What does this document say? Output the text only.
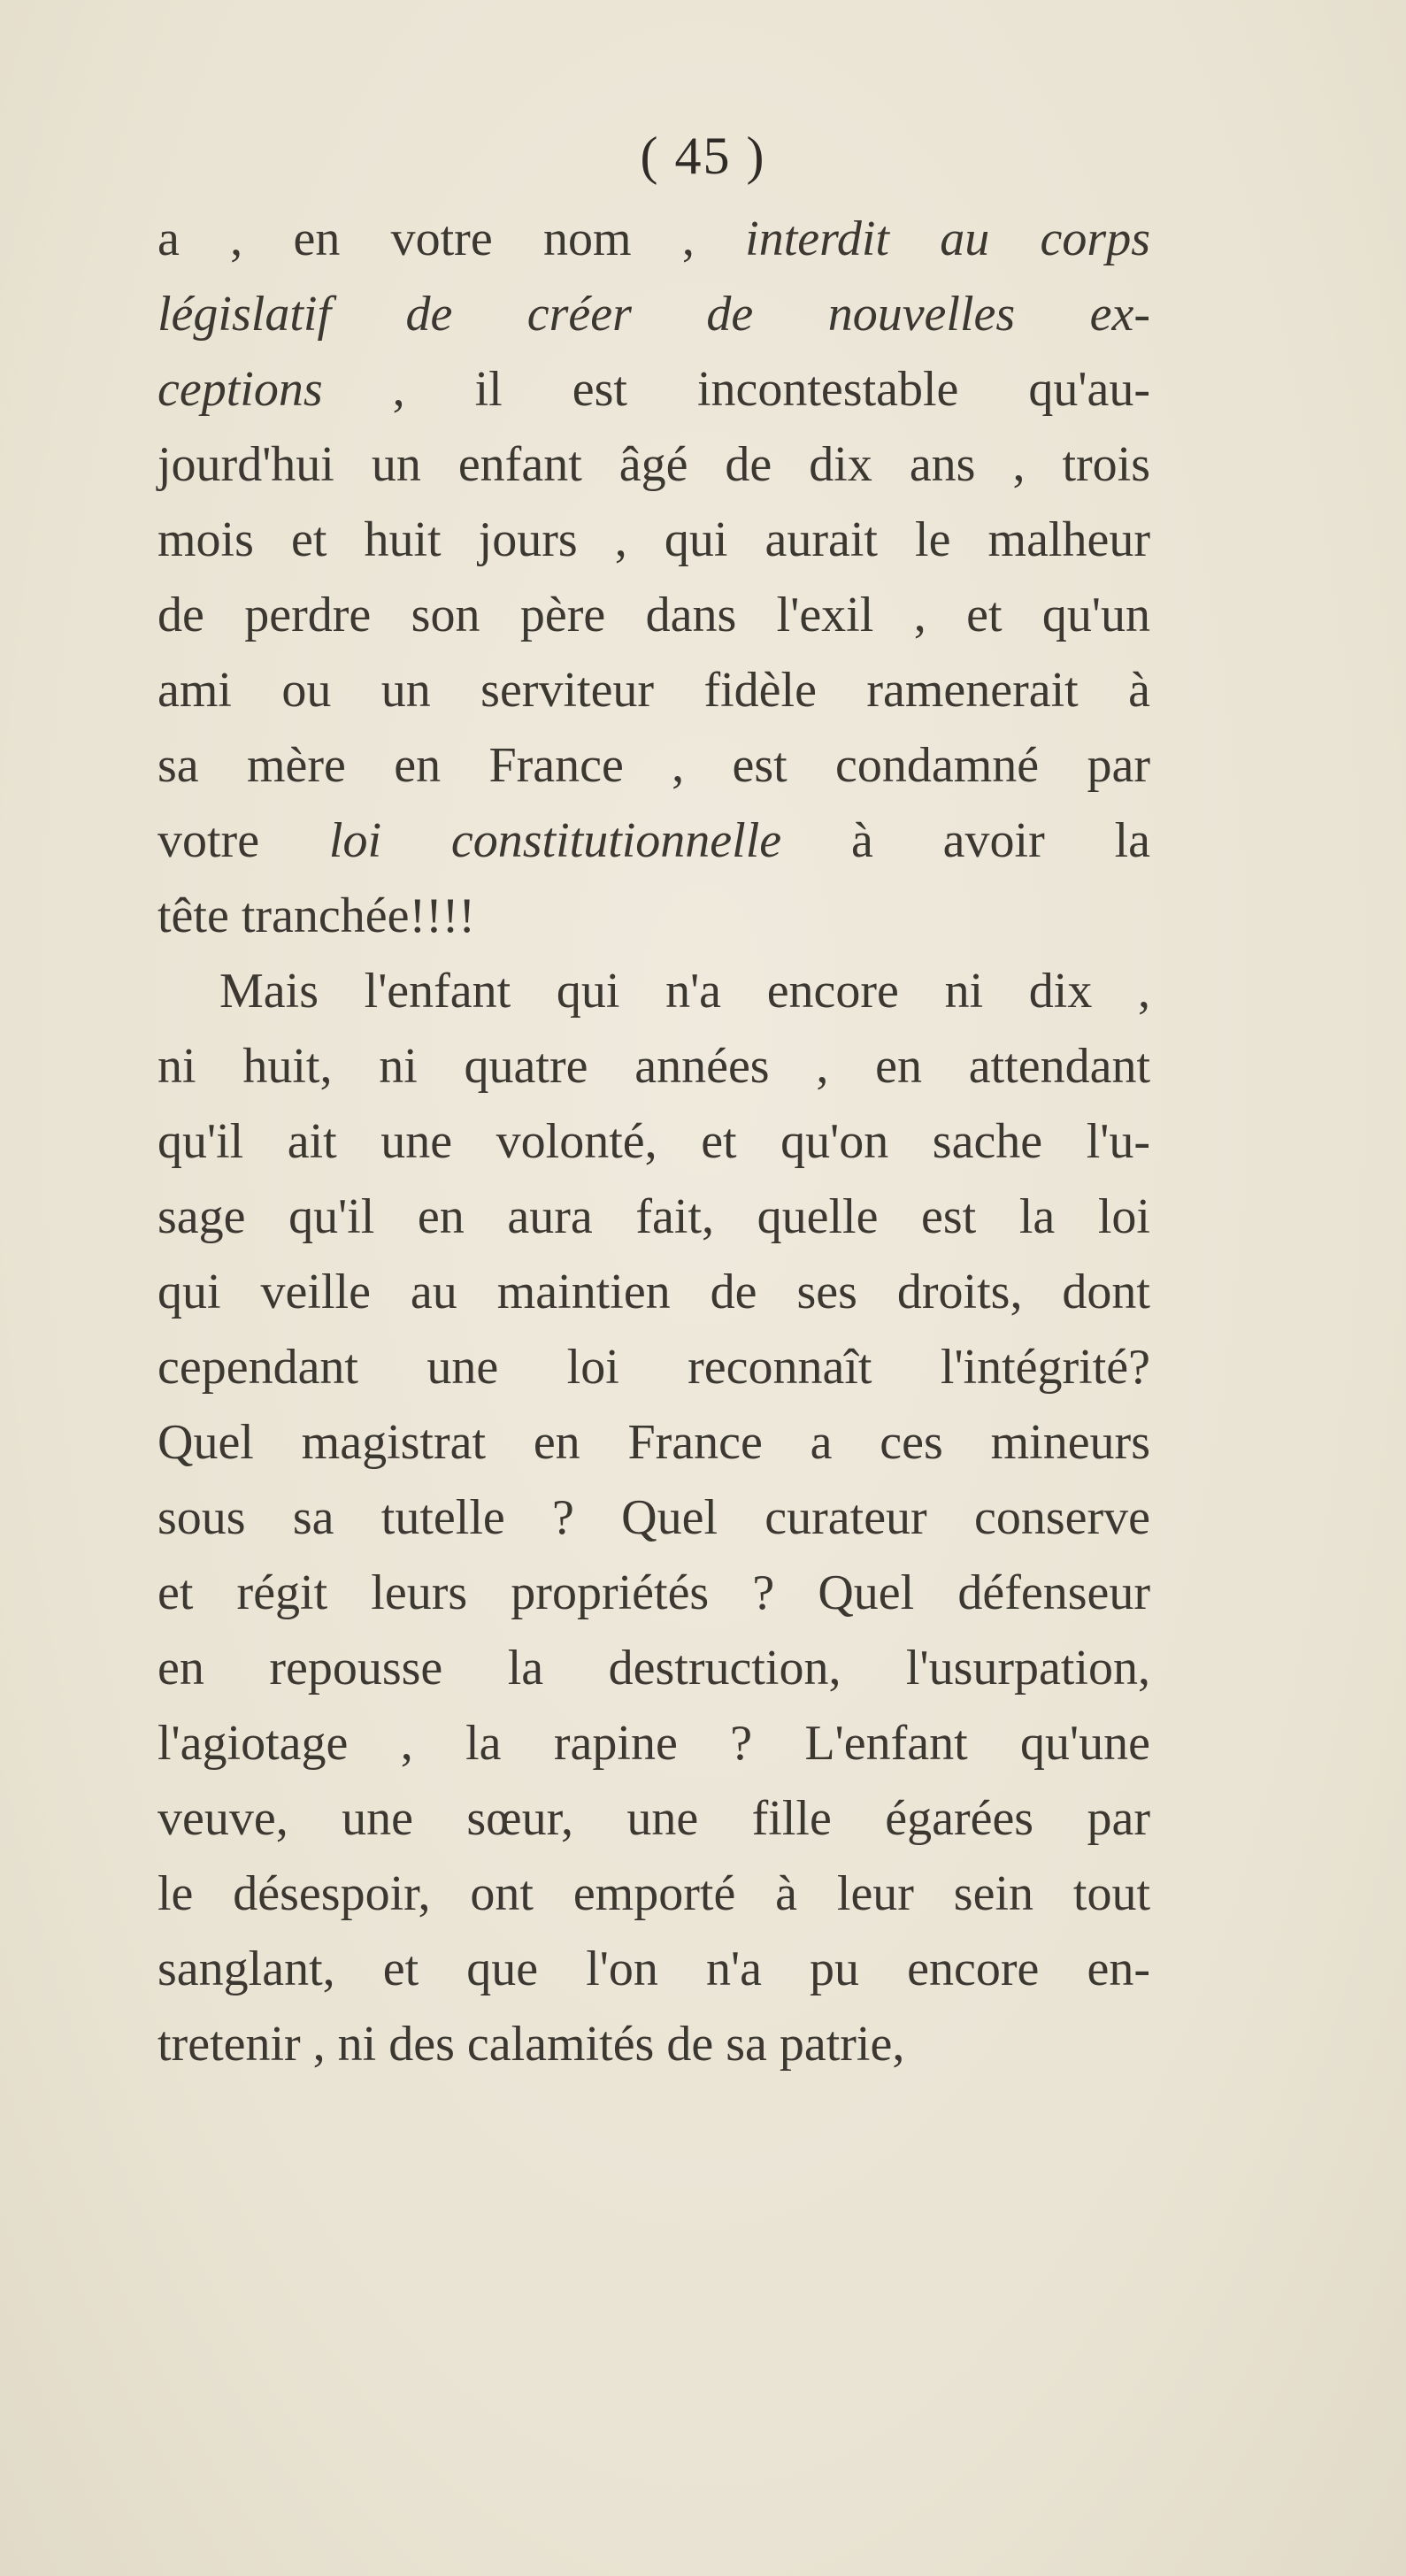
( 45 )
a , en votre nom , interdit au corps
législatif de créer de nouvelles ex-
ceptions , il est incontestable qu'au-
jourd'hui un enfant âgé de dix ans , trois
mois et huit jours , qui aurait le malheur
de perdre son père dans l'exil , et qu'un
ami ou un serviteur fidèle ramenerait à
sa mère en France , est condamné par
votre loi constitutionnelle à avoir la
tête tranchée!!!!
Mais l'enfant qui n'a encore ni dix ,
ni huit, ni quatre années , en attendant
qu'il ait une volonté, et qu'on sache l'u-
sage qu'il en aura fait, quelle est la loi
qui veille au maintien de ses droits, dont
cependant une loi reconnaît l'intégrité?
Quel magistrat en France a ces mineurs
sous sa tutelle ? Quel curateur conserve
et régit leurs propriétés ? Quel défenseur
en repousse la destruction, l'usurpation,
l'agiotage , la rapine ? L'enfant qu'une
veuve, une sœur, une fille égarées par
le désespoir, ont emporté à leur sein tout
sanglant, et que l'on n'a pu encore en-
tretenir , ni des calamités de sa patrie,
